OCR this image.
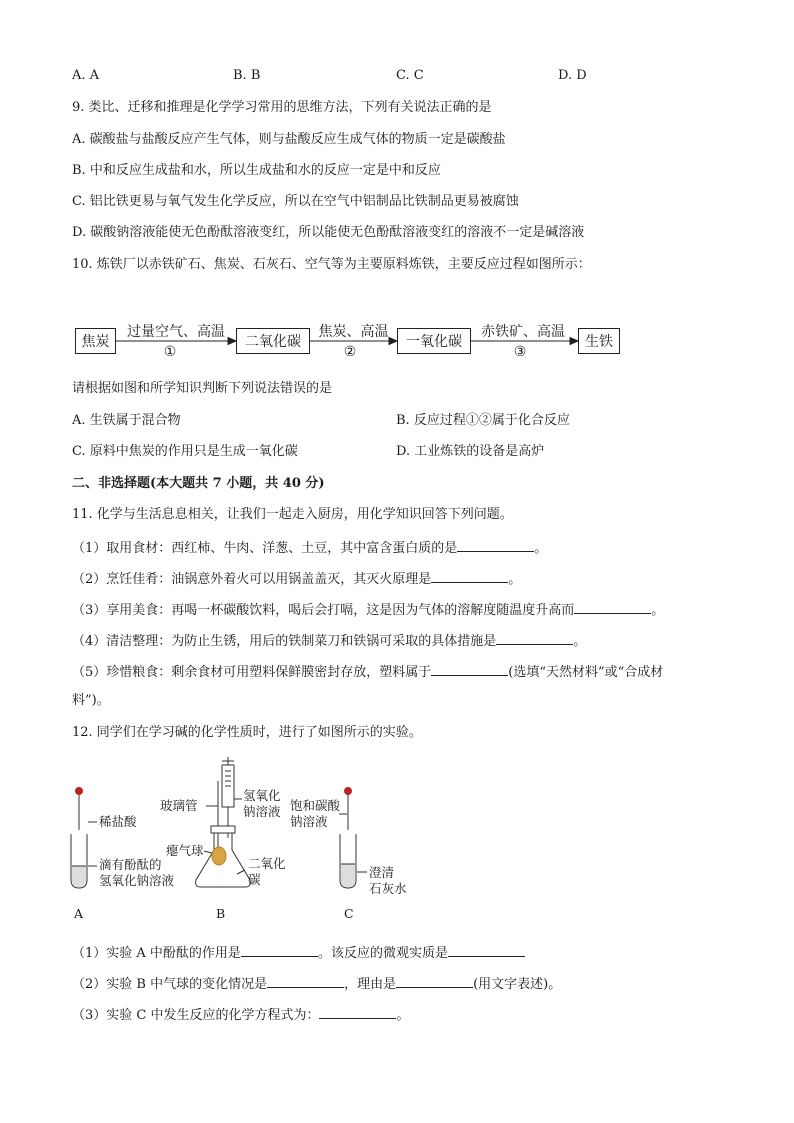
A. A	B. B	C. C	D. D
9. 类比、迁移和推理是化学学习常用的思维方法，下列有关说法正确的是
A. 碳酸盐与盐酸反应产生气体，则与盐酸反应生成气体的物质一定是碳酸盐
B. 中和反应生成盐和水，所以生成盐和水的反应一定是中和反应
C. 铝比铁更易与氧气发生化学反应，所以在空气中铝制品比铁制品更易被腐蚀
D. 碳酸钠溶液能使无色酚酞溶液变红，所以能使无色酚酞溶液变红的溶液不一定是碱溶液
10. 炼铁厂以赤铁矿石、焦炭、石灰石、空气等为主要原料炼铁，主要反应过程如图所示：
焦炭	二氧化碳	一氧化碳	生铁
过量空气、高温
①
焦炭、高温
②
赤铁矿、高温
③
请根据如图和所学知识判断下列说法错误的是
A. 生铁属于混合物	B. 反应过程①②属于化合反应
C. 原料中焦炭的作用只是生成一氧化碳	D. 工业炼铁的设备是高炉
二、非选择题(本大题共 7 小题，共 40 分)
11. 化学与生活息息相关，让我们一起走入厨房，用化学知识回答下列问题。
（1）取用食材：西红柿、牛肉、洋葱、土豆，其中富含蛋白质的是	。
（2）烹饪佳肴：油锅意外着火可以用锅盖盖灭，其灭火原理是	。
（3）享用美食：再喝一杯碳酸饮料，喝后会打嗝，这是因为气体的溶解度随温度升高而	。
（4）清洁整理：为防止生锈，用后的铁制菜刀和铁锅可采取的具体措施是	。
（5）珍惜粮食：剩余食材可用塑料保鲜膜密封存放，塑料属于	(选填“天然材料”或“合成材
料”)。
12. 同学们在学习碱的化学性质时，进行了如图所示的实验。
稀盐酸
滴有酚酞的
氢氧化钠溶液
玻璃管
氢氧化
钠溶液
瘪气球
二氧化
碳
饱和碳酸
钠溶液
澄清
石灰水
A	B	C
（1）实验 A 中酚酞的作用是	。该反应的微观实质是
（2）实验 B 中气球的变化情况是	，理由是	(用文字表述)。
（3）实验 C 中发生反应的化学方程式为：	。
